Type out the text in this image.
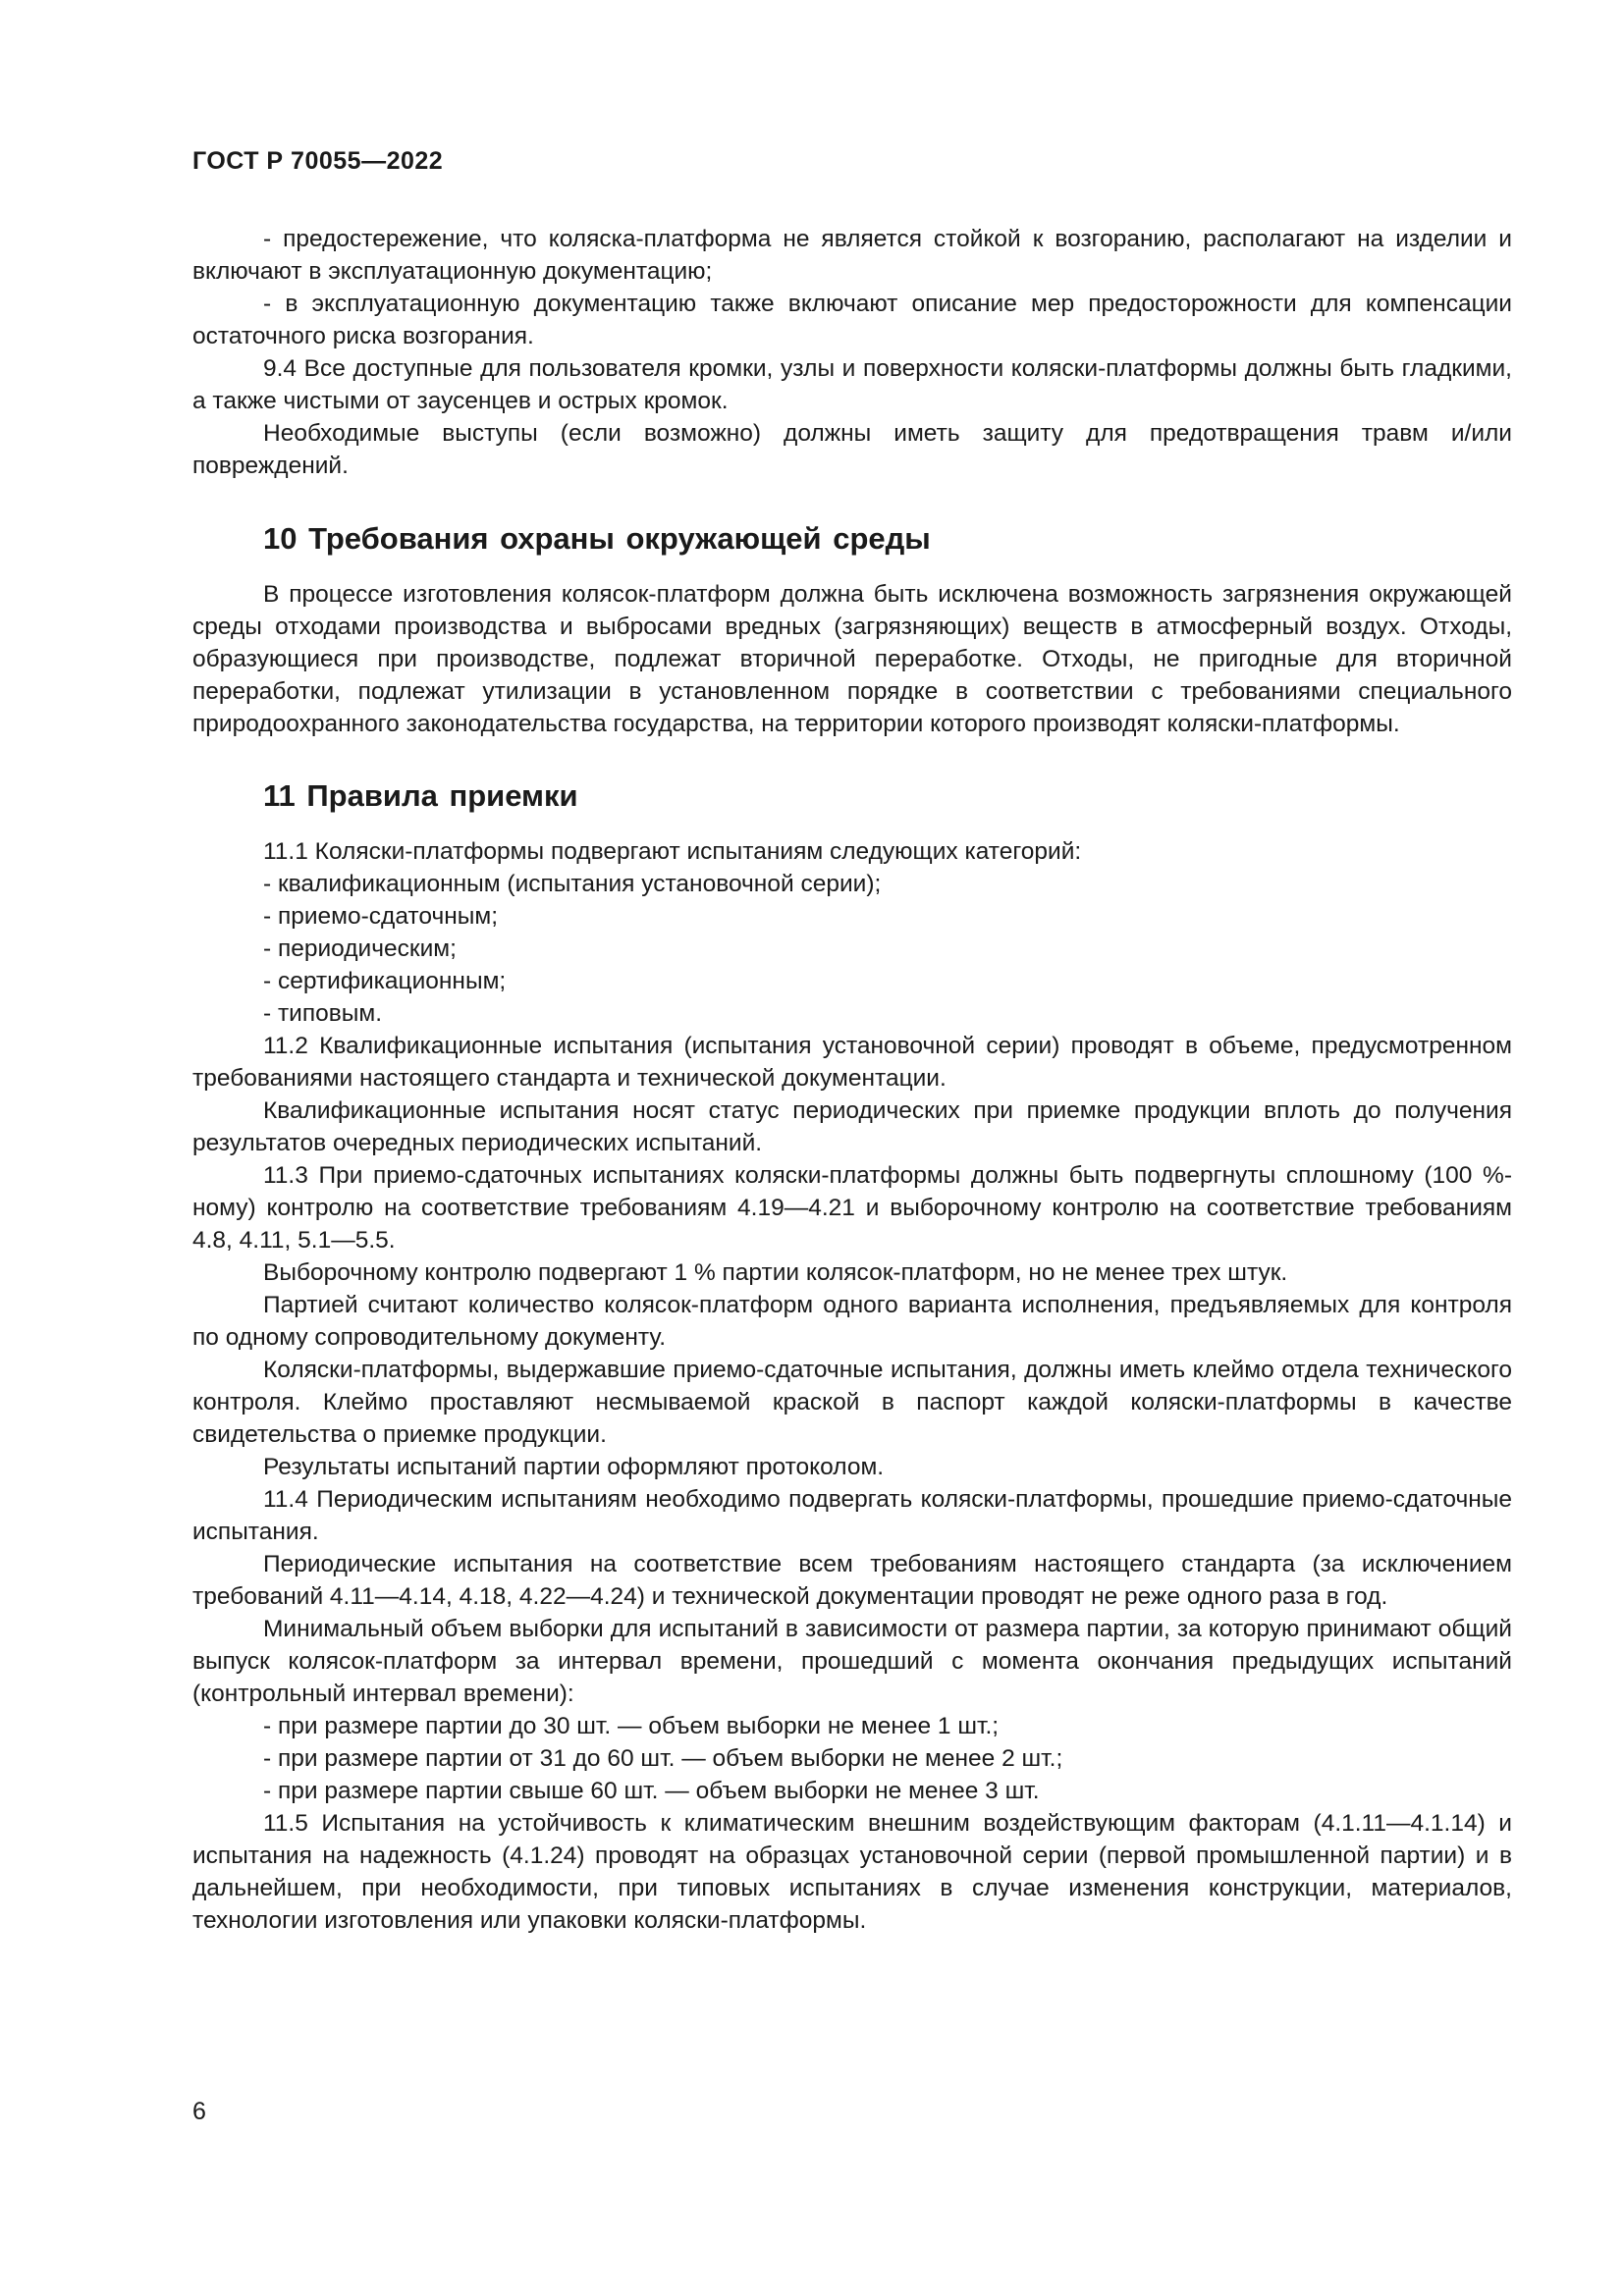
ГОСТ Р 70055—2022

- предостережение, что коляска-платформа не является стойкой к возгоранию, располагают на изделии и включают в эксплуатационную документацию;

- в эксплуатационную документацию также включают описание мер предосторожности для компенсации остаточного риска возгорания.

9.4 Все доступные для пользователя кромки, узлы и поверхности коляски-платформы должны быть гладкими, а также чистыми от заусенцев и острых кромок.

Необходимые выступы (если возможно) должны иметь защиту для предотвращения травм и/или повреждений.

10 Требования охраны окружающей среды

В процессе изготовления колясок-платформ должна быть исключена возможность загрязнения окружающей среды отходами производства и выбросами вредных (загрязняющих) веществ в атмосферный воздух. Отходы, образующиеся при производстве, подлежат вторичной переработке. Отходы, не пригодные для вторичной переработки, подлежат утилизации в установленном порядке в соответствии с требованиями специального природоохранного законодательства государства, на территории которого производят коляски-платформы.

11 Правила приемки

11.1 Коляски-платформы подвергают испытаниям следующих категорий:

- квалификационным (испытания установочной серии);

- приемо-сдаточным;

- периодическим;

- сертификационным;

- типовым.

11.2 Квалификационные испытания (испытания установочной серии) проводят в объеме, предусмотренном требованиями настоящего стандарта и технической документации.

Квалификационные испытания носят статус периодических при приемке продукции вплоть до получения результатов очередных периодических испытаний.

11.3 При приемо-сдаточных испытаниях коляски-платформы должны быть подвергнуты сплошному (100 %-ному) контролю на соответствие требованиям 4.19—4.21 и выборочному контролю на соответствие требованиям 4.8, 4.11, 5.1—5.5.

Выборочному контролю подвергают 1 % партии колясок-платформ, но не менее трех штук.

Партией считают количество колясок-платформ одного варианта исполнения, предъявляемых для контроля по одному сопроводительному документу.

Коляски-платформы, выдержавшие приемо-сдаточные испытания, должны иметь клеймо отдела технического контроля. Клеймо проставляют несмываемой краской в паспорт каждой коляски-платформы в качестве свидетельства о приемке продукции.

Результаты испытаний партии оформляют протоколом.

11.4 Периодическим испытаниям необходимо подвергать коляски-платформы, прошедшие приемо-сдаточные испытания.

Периодические испытания на соответствие всем требованиям настоящего стандарта (за исключением требований 4.11—4.14, 4.18, 4.22—4.24) и технической документации проводят не реже одного раза в год.

Минимальный объем выборки для испытаний в зависимости от размера партии, за которую принимают общий выпуск колясок-платформ за интервал времени, прошедший с момента окончания предыдущих испытаний (контрольный интервал времени):

- при размере партии до 30 шт. — объем выборки не менее 1 шт.;

- при размере партии от 31 до 60 шт. — объем выборки не менее 2 шт.;

- при размере партии свыше 60 шт. — объем выборки не менее 3 шт.

11.5 Испытания на устойчивость к климатическим внешним воздействующим факторам (4.1.11—4.1.14) и испытания на надежность (4.1.24) проводят на образцах установочной серии (первой промышленной партии) и в дальнейшем, при необходимости, при типовых испытаниях в случае изменения конструкции, материалов, технологии изготовления или упаковки коляски-платформы.

6
